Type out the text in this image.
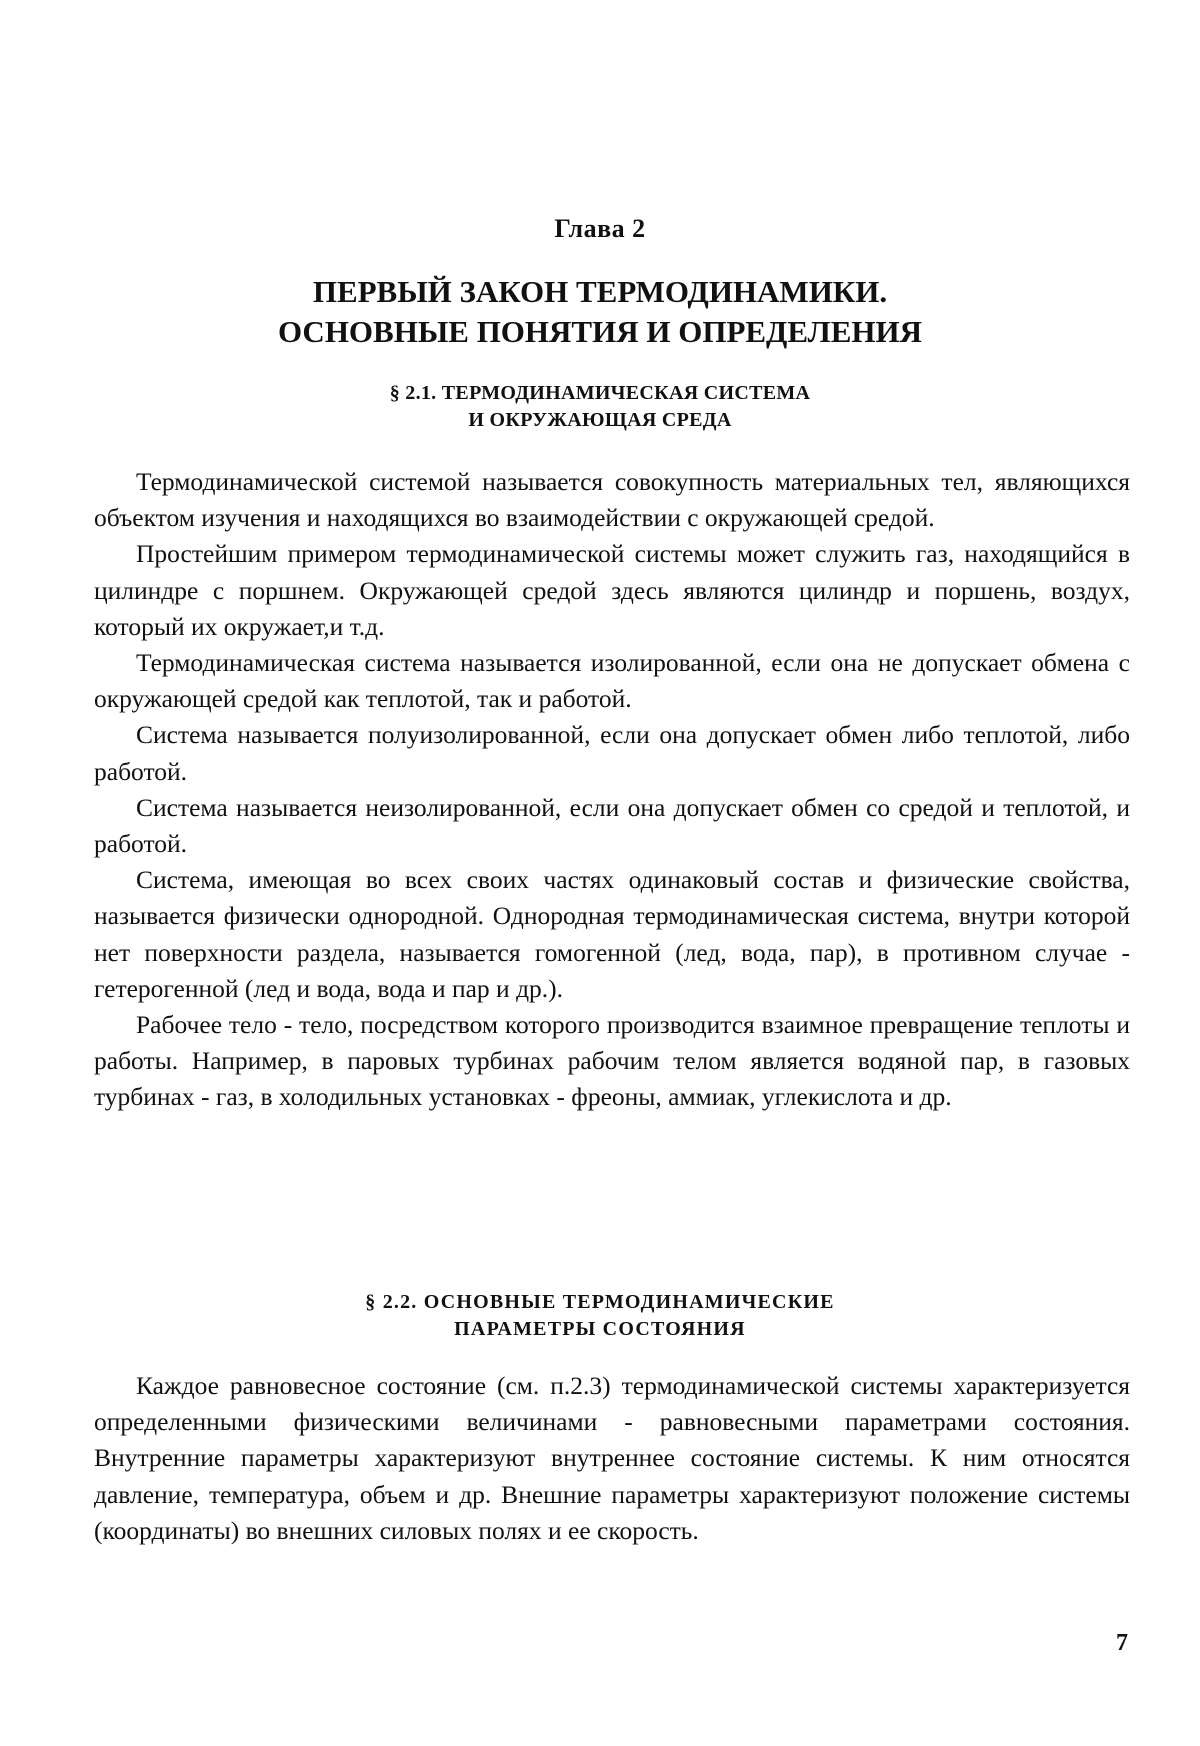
Глава 2
ПЕРВЫЙ ЗАКОН ТЕРМОДИНАМИКИ.
ОСНОВНЫЕ ПОНЯТИЯ И ОПРЕДЕЛЕНИЯ
§ 2.1. ТЕРМОДИНАМИЧЕСКАЯ СИСТЕМА
И ОКРУЖАЮЩАЯ СРЕДА

Термодинамической системой называется совокупность материальных тел, являющихся объектом изучения и находящихся во взаимодействии с окружающей средой.

Простейшим примером термодинамической системы может служить газ, находящийся в цилиндре с поршнем. Окружающей средой здесь являются цилиндр и поршень, воздух, который их окружает,и т.д.

Термодинамическая система называется изолированной, если она не допускает обмена с окружающей средой как теплотой, так и работой.

Система называется полуизолированной, если она допускает обмен либо теплотой, либо работой.

Система называется неизолированной, если она допускает обмен со средой и теплотой, и работой.

Система, имеющая во всех своих частях одинаковый состав и физические свойства, называется физически однородной. Однородная термодинамическая система, внутри которой нет поверхности раздела, называется гомогенной (лед, вода, пар), в противном случае - гетерогенной (лед и вода, вода и пар и др.).

Рабочее тело - тело, посредством которого производится взаимное превращение теплоты и работы. Например, в паровых турбинах рабочим телом является водяной пар, в газовых турбинах - газ, в холодильных установках - фреоны, аммиак, углекислота и др.

§ 2.2. ОСНОВНЫЕ ТЕРМОДИНАМИЧЕСКИЕ
ПАРАМЕТРЫ СОСТОЯНИЯ

Каждое равновесное состояние (см. п.2.3) термодинамической системы характеризуется определенными физическими величинами - равновесными параметрами состояния. Внутренние параметры характеризуют внутреннее состояние системы. К ним относятся давление, температура, объем и др. Внешние параметры характеризуют положение системы (координаты) во внешних силовых полях и ее скорость.

7
